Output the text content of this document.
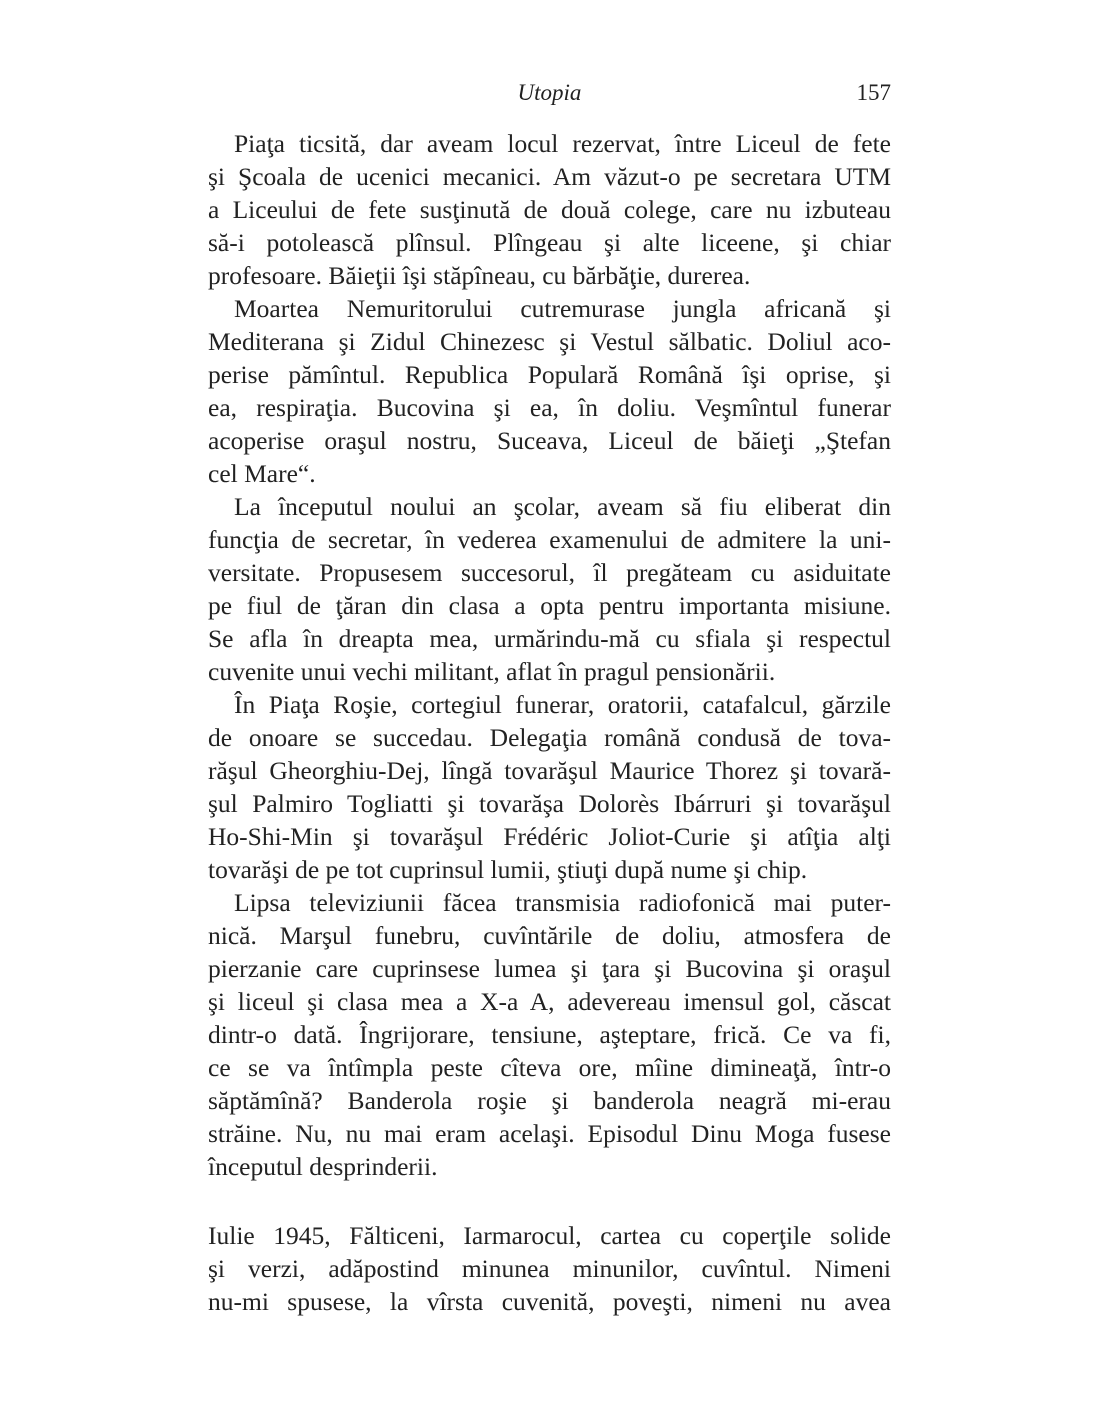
Utopia	157
Piaţa ticsită, dar aveam locul rezervat, între Liceul de fete
şi Şcoala de ucenici mecanici. Am văzut-o pe secretara UTM
a Liceului de fete susţinută de două colege, care nu izbuteau
să-i potolească plînsul. Plîngeau şi alte liceene, şi chiar
profesoare. Băieţii îşi stăpîneau, cu bărbăţie, durerea.
Moartea Nemuritorului cutremurase jungla africană şi
Mediterana şi Zidul Chinezesc şi Vestul sălbatic. Doliul aco-
perise pămîntul. Republica Populară Română îşi oprise, şi
ea, respiraţia. Bucovina şi ea, în doliu. Veşmîntul funerar
acoperise oraşul nostru, Suceava, Liceul de băieţi „Ştefan
cel Mare“.
La începutul noului an şcolar, aveam să fiu eliberat din
funcţia de secretar, în vederea examenului de admitere la uni-
versitate. Propusesem succesorul, îl pregăteam cu asiduitate
pe fiul de ţăran din clasa a opta pentru importanta misiune.
Se afla în dreapta mea, urmărindu-mă cu sfiala şi respectul
cuvenite unui vechi militant, aflat în pragul pensionării.
În Piaţa Roşie, cortegiul funerar, oratorii, catafalcul, gărzile
de onoare se succedau. Delegaţia română condusă de tova-
răşul Gheorghiu-Dej, lîngă tovarăşul Maurice Thorez şi tovară-
şul Palmiro Togliatti şi tovarăşa Dolorès Ibárruri şi tovarăşul
Ho-Shi-Min şi tovarăşul Frédéric Joliot-Curie şi atîţia alţi
tovarăşi de pe tot cuprinsul lumii, ştiuţi după nume şi chip.
Lipsa televiziunii făcea transmisia radiofonică mai puter-
nică. Marşul funebru, cuvîntările de doliu, atmosfera de
pierzanie care cuprinsese lumea şi ţara şi Bucovina şi oraşul
şi liceul şi clasa mea a X-a A, adevereau imensul gol, căscat
dintr-o dată. Îngrijorare, tensiune, aşteptare, frică. Ce va fi,
ce se va întîmpla peste cîteva ore, mîine dimineaţă, într-o
săptămînă? Banderola roşie şi banderola neagră mi-erau
străine. Nu, nu mai eram acelaşi. Episodul Dinu Moga fusese
începutul desprinderii.
Iulie 1945, Fălticeni, Iarmarocul, cartea cu coperţile solide
şi verzi, adăpostind minunea minunilor, cuvîntul. Nimeni
nu-mi spusese, la vîrsta cuvenită, poveşti, nimeni nu avea
